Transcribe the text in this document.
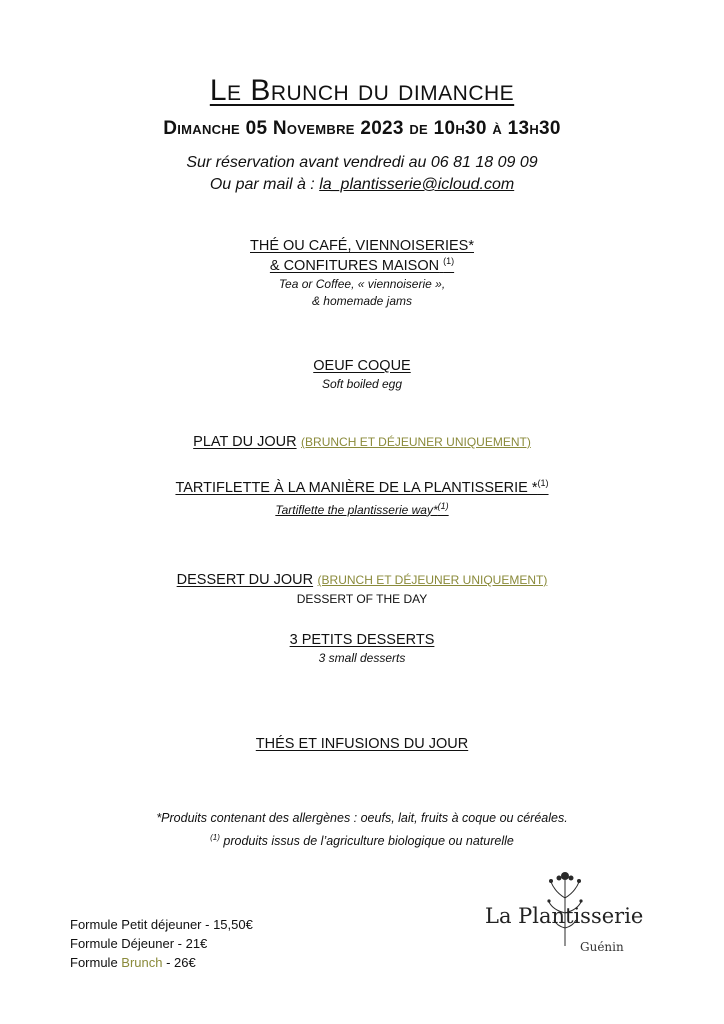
Le Brunch du dimanche
Dimanche 05 Novembre 2023 de 10h30 à 13h30
Sur réservation avant vendredi au 06 81 18 09 09
Ou par mail à : la_plantisserie@icloud.com
THÉ OU CAFÉ, VIENNOISERIES*
& CONFITURES MAISON $^{(1)}$
Tea or Coffee, « viennoiserie »,
& homemade jams
OEUF COQUE
Soft boiled egg
PLAT DU JOUR (BRUNCH ET DÉJEUNER UNIQUEMENT)
TARTIFLETTE À LA MANIÈRE DE LA PLANTISSERIE *$^{(1)}$
Tartiflette the plantisserie way*$^{(1)}$
DESSERT DU JOUR (BRUNCH ET DÉJEUNER UNIQUEMENT)
DESSERT OF THE DAY
3 PETITS DESSERTS
3 small desserts
THÉS ET INFUSIONS DU JOUR
*Produits contenant des allergènes : oeufs, lait, fruits à coque ou céréales.
$^{(1)}$ produits issus de l’agriculture biologique ou naturelle
Formule Petit déjeuner - 15,50€
Formule Déjeuner - 21€
Formule Brunch - 26€
La Plantisserie
Guénin
